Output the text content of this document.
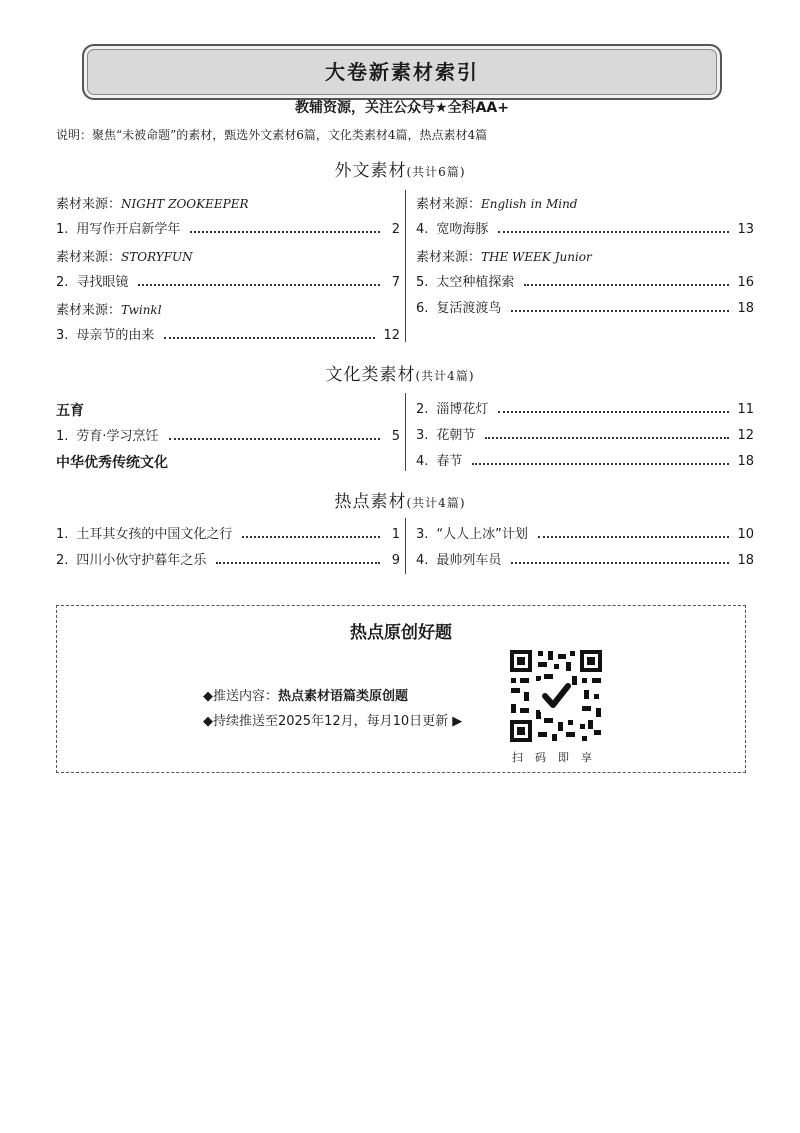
大卷新素材索引
教辅资源，关注公众号★全科AA+
说明：聚焦“未被命题”的素材，甄选外文素材6篇，文化类素材4篇，热点素材4篇
外文素材(共计6篇)
素材来源：NIGHT ZOOKEEPER
1. 用写作开启新学年	2
素材来源：STORYFUN
2. 寻找眼镜	7
素材来源：Twinkl
3. 母亲节的由来	12
素材来源：English in Mind
4. 宽吻海豚	13
素材来源：THE WEEK Junior
5. 太空种植探索	16
6. 复活渡渡鸟	18
文化类素材(共计4篇)
五育
1. 劳育·学习烹饪	5
中华优秀传统文化
2. 淄博花灯	11
3. 花朝节	12
4. 春节	18
热点素材(共计4篇)
1. 土耳其女孩的中国文化之行	1
2. 四川小伙守护暮年之乐	9
3. “人人上冰”计划	10
4. 最帅列车员	18
热点原创好题
◆推送内容：热点素材语篇类原创题
◆持续推送至2025年12月，每月10日更新 ▶
扫码即享
